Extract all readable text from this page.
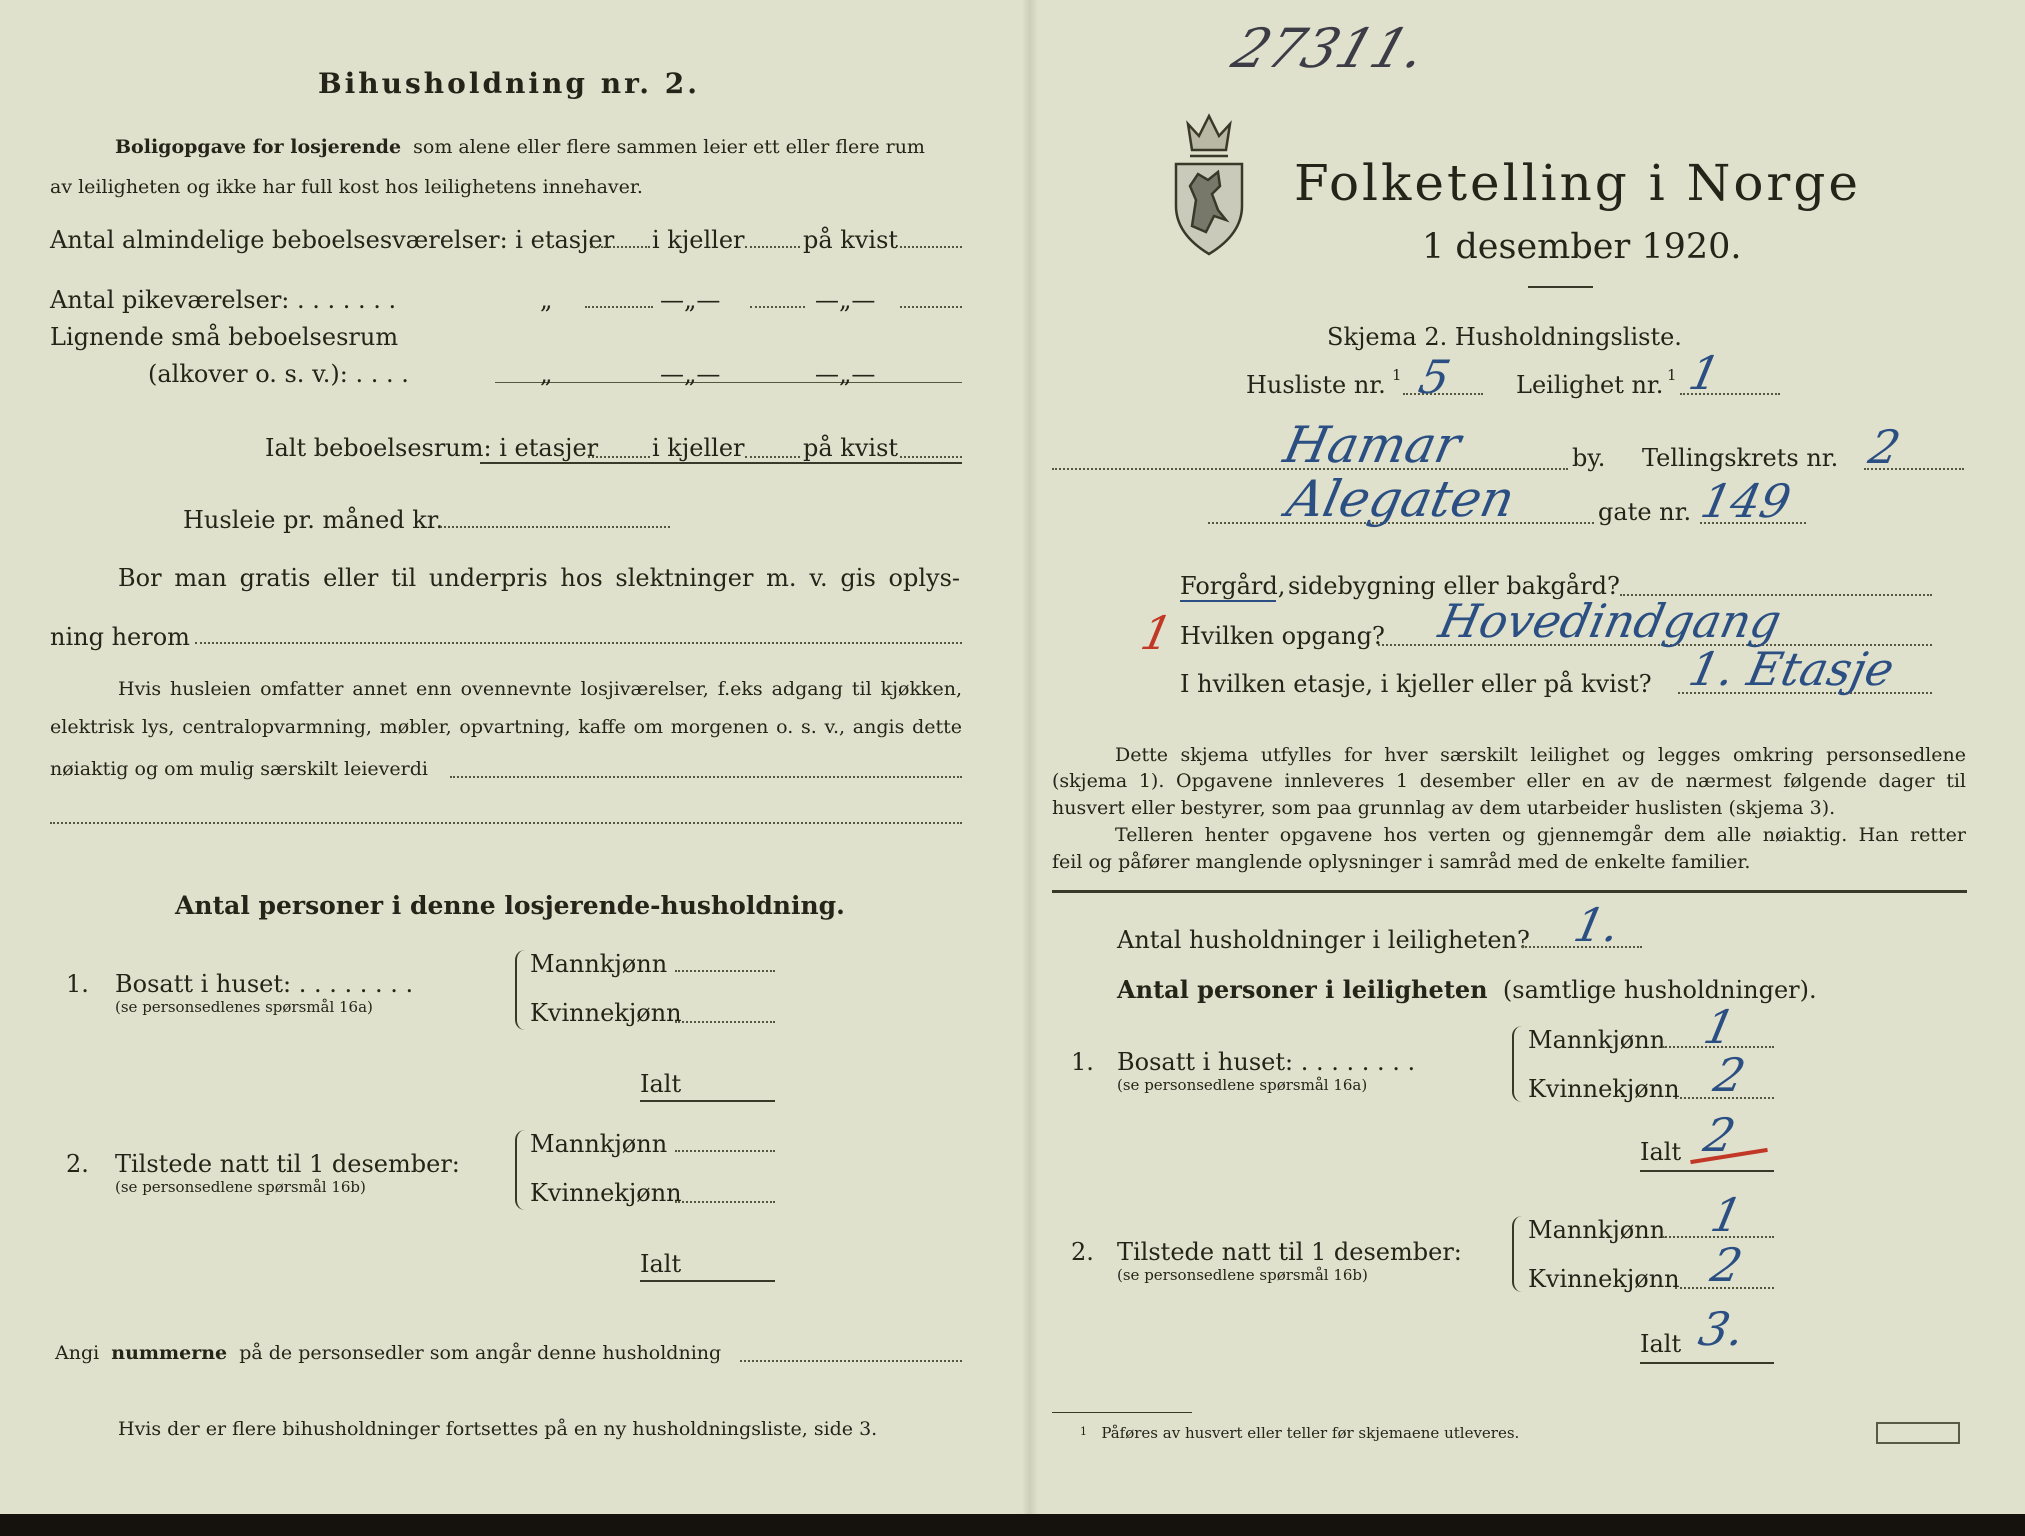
Bihusholdning nr. 2.
Boligopgave for losjerende som alene eller flere sammen leier ett eller flere rum
av leiligheten og ikke har full kost hos leilighetens innehaver.
Antal almindelige beboelsesværelser: i etasjer i kjeller på kvist
Antal pikeværelser: . . . . . . .	„	—„—	—„—
Lignende små beboelsesrum
(alkover o. s. v.): . . . .	„	—„—	—„—
Ialt beboelsesrum: i etasjer i kjeller på kvist
Husleie pr. måned kr.
Bor man gratis eller til underpris hos slektninger m. v. gis oplys-
ning herom
Hvis husleien omfatter annet enn ovennevnte losjiværelser, f.eks adgang til kjøkken,
elektrisk lys, centralopvarmning, møbler, opvartning, kaffe om morgenen o. s. v., angis dette
nøiaktig og om mulig særskilt leieverdi
Antal personer i denne losjerende-husholdning.
1. Bosatt i huset: . . . . . . . .
(se personsedlenes spørsmål 16a)
Mannkjønn
Kvinnekjønn
Ialt
2. Tilstede natt til 1 desember:
(se personsedlene spørsmål 16b)
Mannkjønn
Kvinnekjønn
Ialt
Angi nummerne på de personsedler som angår denne husholdning
Hvis der er flere bihusholdninger fortsettes på en ny husholdningsliste, side 3.
27311.
Folketelling i Norge
1 desember 1920.
Skjema 2. Husholdningsliste.
Husliste nr. 1 5	Leilighet nr. 1 1
Hamar	by. Tellingskrets nr. 2
Alegaten	gate nr. 149
Forgård, sidebygning eller bakgård?
1 Hvilken opgang? Hovedindgang
I hvilken etasje, i kjeller eller på kvist? 1. Etasje
Dette skjema utfylles for hver særskilt leilighet og legges omkring personsedlene
(skjema 1). Opgavene innleveres 1 desember eller en av de nærmest følgende dager til
husvert eller bestyrer, som paa grunnlag av dem utarbeider huslisten (skjema 3).
Telleren henter opgavene hos verten og gjennemgår dem alle nøiaktig. Han retter
feil og påfører manglende oplysninger i samråd med de enkelte familier.
Antal husholdninger i leiligheten? 1.
Antal personer i leiligheten (samtlige husholdninger).
1. Bosatt i huset: . . . . . . . .
(se personsedlene spørsmål 16a)
Mannkjønn 1
Kvinnekjønn 2
Ialt 2
2. Tilstede natt til 1 desember:
(se personsedlene spørsmål 16b)
Mannkjønn 1
Kvinnekjønn 2
Ialt 3.
$^1$ Påføres av husvert eller teller før skjemaene utleveres.
